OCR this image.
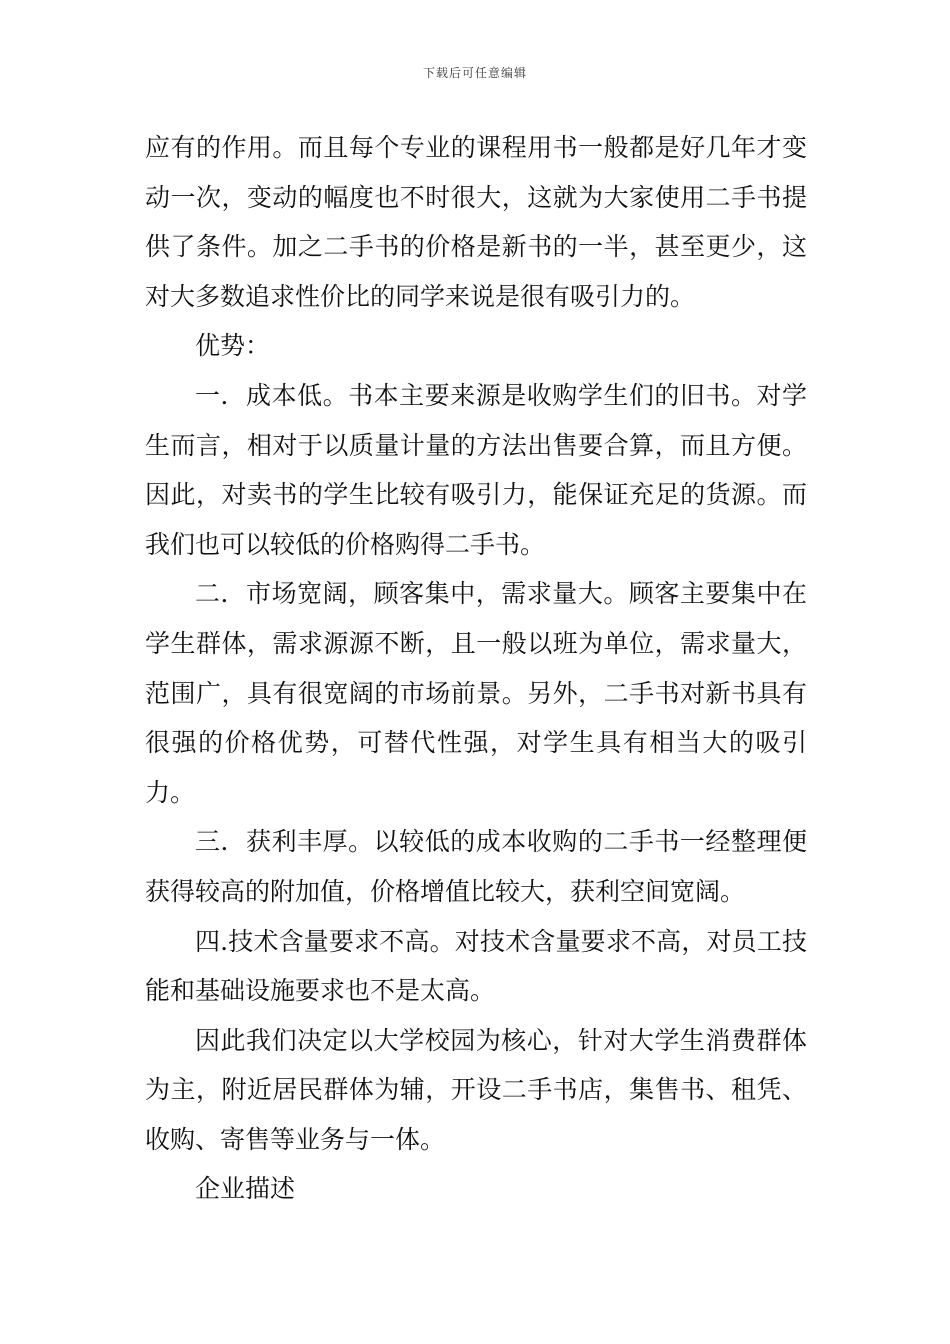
下载后可任意编辑

应有的作用。而且每个专业的课程用书一般都是好几年才变动一次，变动的幅度也不时很大，这就为大家使用二手书提供了条件。加之二手书的价格是新书的一半，甚至更少，这对大多数追求性价比的同学来说是很有吸引力的。

优势：

一．成本低。书本主要来源是收购学生们的旧书。对学生而言，相对于以质量计量的方法出售要合算，而且方便。因此，对卖书的学生比较有吸引力，能保证充足的货源。而我们也可以较低的价格购得二手书。

二．市场宽阔，顾客集中，需求量大。顾客主要集中在学生群体，需求源源不断，且一般以班为单位，需求量大，范围广，具有很宽阔的市场前景。另外，二手书对新书具有很强的价格优势，可替代性强，对学生具有相当大的吸引力。

三．获利丰厚。以较低的成本收购的二手书一经整理便获得较高的附加值，价格增值比较大，获利空间宽阔。

四.技术含量要求不高。对技术含量要求不高，对员工技能和基础设施要求也不是太高。

因此我们决定以大学校园为核心，针对大学生消费群体为主，附近居民群体为辅，开设二手书店，集售书、租凭、收购、寄售等业务与一体。

企业描述
